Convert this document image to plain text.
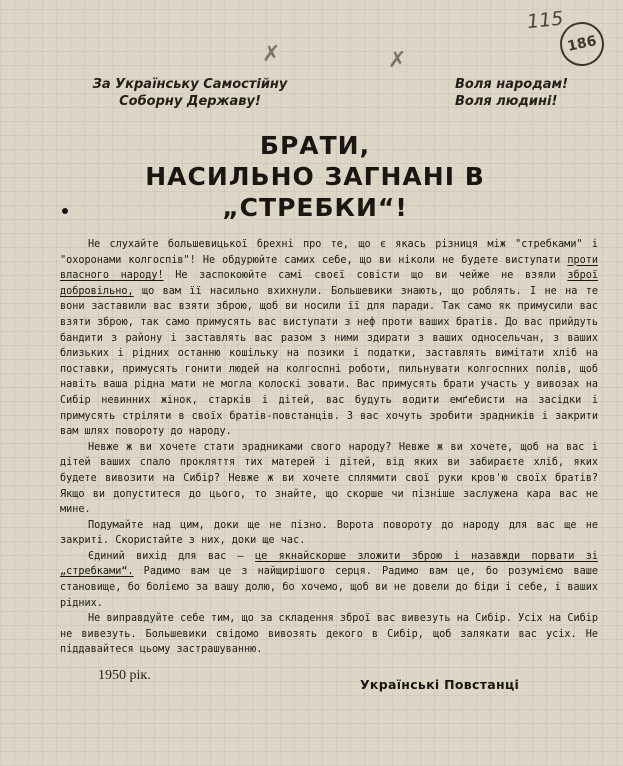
115
186
✗	✗
За Українську Самостійну Соборну Державу!
Воля народам!
Воля людині!
БРАТИ,
НАСИЛЬНО ЗАГНАНІ В
„СТРЕБКИ“!

Не слухайте большевицької брехні про те, що є якась різниця між "стребками" і "охоронами колгоспів"! Не обдурюйте самих себе, що ви ніколи не будете виступати проти власного народу! Не заспокоюйте самі своєї совісти що ви чейже не взяли зброї добровільно, що вам її насильно вхихнули. Большевики знають, що роблять. І не на те вони заставили вас взяти зброю, щоб ви носили її для паради. Так само як примусили вас взяти зброю, так само примусять вас виступати з неф проти ваших братів. До вас прийдуть бандити з району і заставлять вас разом з ними здирати з ваших односельчан, з ваших близьких і рідних останню кошільку на позики і податки, заставлять вимітати хліб на поставки, примусять гонити людей на колгоспні роботи, пильнувати колгоспних полів, щоб навіть ваша рідна мати не могла колоскі зовати. Вас примусять брати участь у вивозах на Сибір невинних жінок, старків і дітей, вас будуть водити емґебисти на засідки і примусять стріляти в своїх братів-повстанців. З вас хочуть зробити зрадників і закрити вам шлях повороту до народу.

Невже ж ви хочете стати зрадниками свого народу? Невже ж ви хочете, щоб на вас і дітей ваших спало прокляття тих матерей і дітей, від яких ви забираєте хліб, яких будете вивозити на Сибір? Невже ж ви хочете сплямити свої руки кров'ю своїх братів? Якщо ви допуститеся до цього, то знайте, що скорше чи пізніше заслужена кара вас не мине.

Подумайте над цим, доки ще не пізно. Ворота повороту до народу для вас ще не закриті. Скористайте з них, доки ще час.

Єдиний вихід для вас — це якнайскорше зложити зброю і назавжди порвати зі „стребками“. Радимо вам це з найщирішого серця. Радимо вам це, бо розуміємо ваше становище, бо боліємо за вашу долю, бо хочемо, щоб ви не довели до біди і себе, і ваших рідних.

Не виправдуйте себе тим, що за складення зброї вас вивезуть на Сибір. Усіх на Сибір не вивезуть. Большевики свідомо вивозять декого в Сибір, щоб залякати вас усіх. Не піддавайтеся цьому застрашуванню.

1950 рік.
Українські Повстанці
